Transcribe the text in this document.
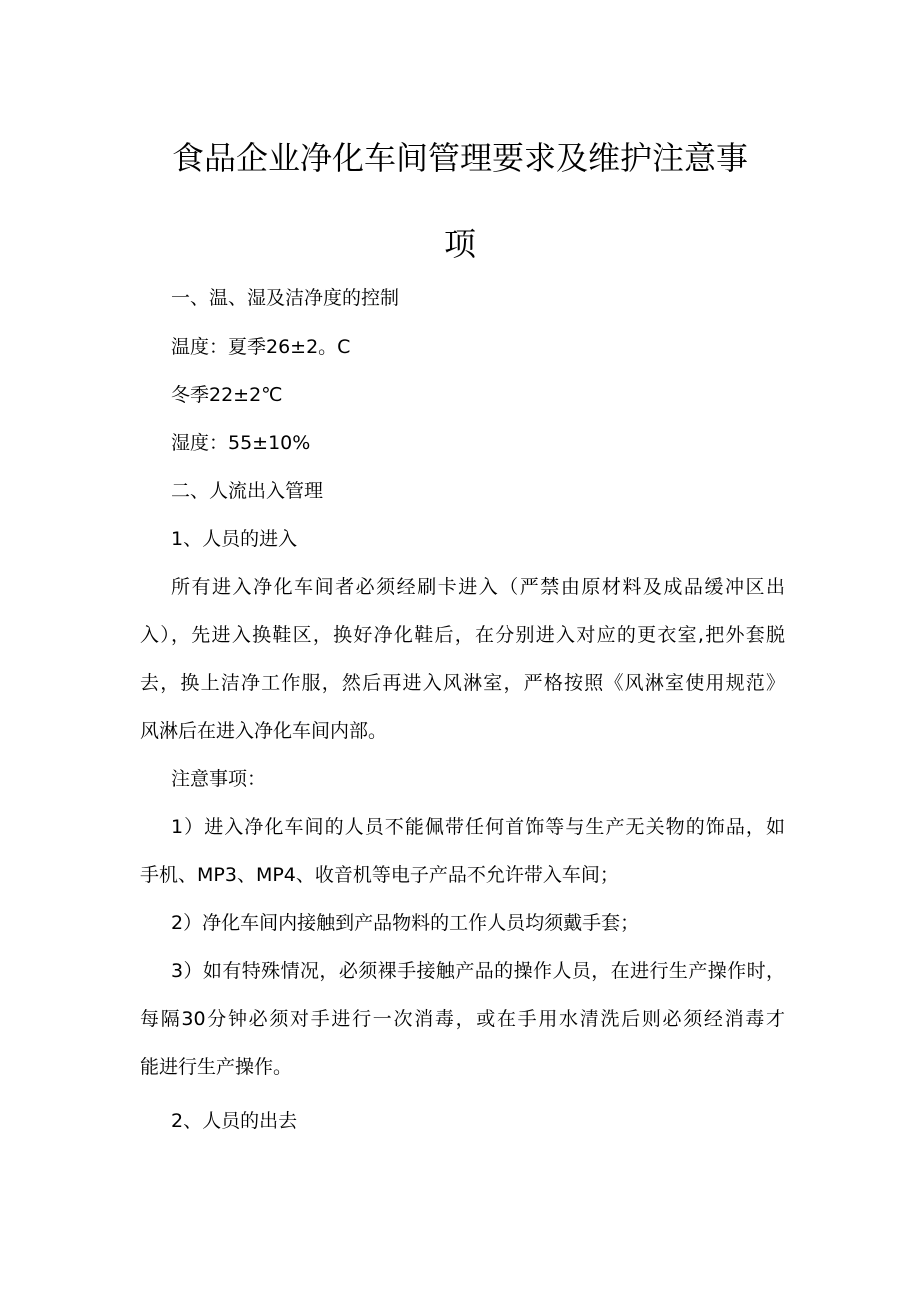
食品企业净化车间管理要求及维护注意事
项

一、温、湿及洁净度的控制

温度：夏季26±2。C

冬季22±2℃

湿度：55±10%

二、人流出入管理

1、人员的进入

所有进入净化车间者必须经刷卡进入（严禁由原材料及成品缓冲区出

入），先进入换鞋区，换好净化鞋后，在分别进入对应的更衣室,把外套脱

去，换上洁净工作服，然后再进入风淋室，严格按照《风淋室使用规范》

风淋后在进入净化车间内部。

注意事项：

1）进入净化车间的人员不能佩带任何首饰等与生产无关物的饰品，如

手机、MP3、MP4、收音机等电子产品不允许带入车间；

2）净化车间内接触到产品物料的工作人员均须戴手套；

3）如有特殊情况，必须裸手接触产品的操作人员，在进行生产操作时，

每隔30分钟必须对手进行一次消毒，或在手用水清洗后则必须经消毒才

能进行生产操作。

2、人员的出去
